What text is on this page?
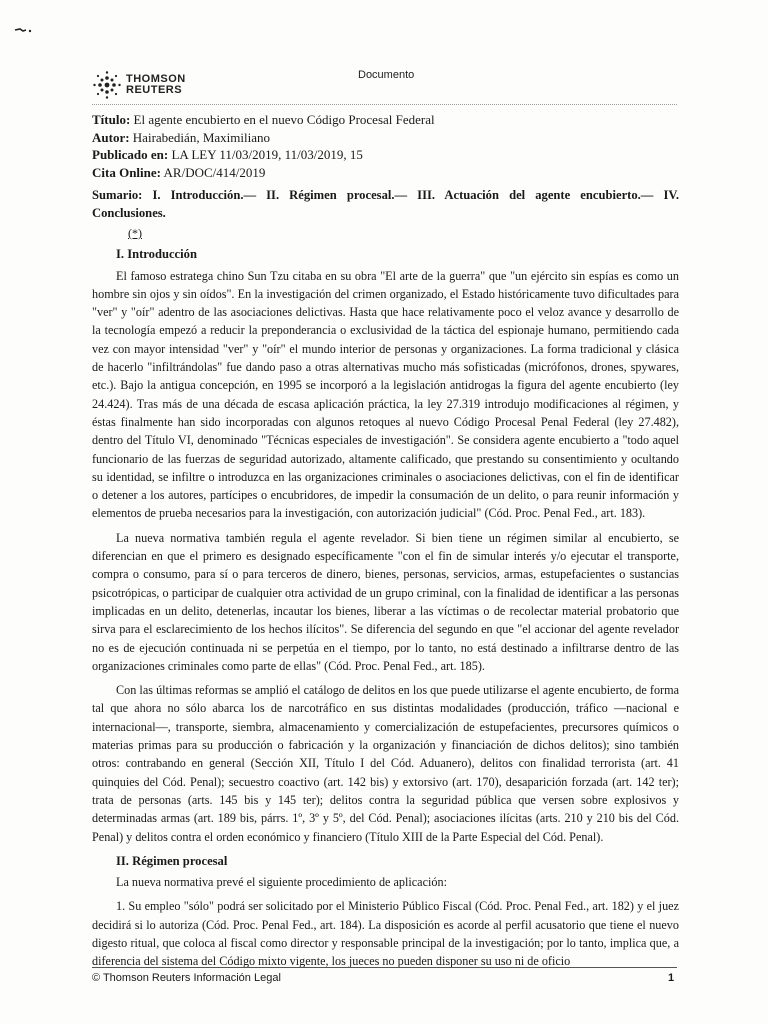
Documento
THOMSON
REUTERS
Título: El agente encubierto en el nuevo Código Procesal Federal
Autor: Hairabedián, Maximiliano
Publicado en: LA LEY 11/03/2019, 11/03/2019, 15
Cita Online: AR/DOC/414/2019
Sumario: I. Introducción.— II. Régimen procesal.— III. Actuación del agente encubierto.— IV. Conclusiones.
(*)
I. Introducción

El famoso estratega chino Sun Tzu citaba en su obra "El arte de la guerra" que "un ejército sin espías es como un hombre sin ojos y sin oídos". En la investigación del crimen organizado, el Estado históricamente tuvo dificultades para "ver" y "oír" adentro de las asociaciones delictivas. Hasta que hace relativamente poco el veloz avance y desarrollo de la tecnología empezó a reducir la preponderancia o exclusividad de la táctica del espionaje humano, permitiendo cada vez con mayor intensidad "ver" y "oír" el mundo interior de personas y organizaciones. La forma tradicional y clásica de hacerlo "infiltrándolas" fue dando paso a otras alternativas mucho más sofisticadas (micrófonos, drones, spywares, etc.). Bajo la antigua concepción, en 1995 se incorporó a la legislación antidrogas la figura del agente encubierto (ley 24.424). Tras más de una década de escasa aplicación práctica, la ley 27.319 introdujo modificaciones al régimen, y éstas finalmente han sido incorporadas con algunos retoques al nuevo Código Procesal Penal Federal (ley 27.482), dentro del Título VI, denominado "Técnicas especiales de investigación". Se considera agente encubierto a "todo aquel funcionario de las fuerzas de seguridad autorizado, altamente calificado, que prestando su consentimiento y ocultando su identidad, se infiltre o introduzca en las organizaciones criminales o asociaciones delictivas, con el fin de identificar o detener a los autores, partícipes o encubridores, de impedir la consumación de un delito, o para reunir información y elementos de prueba necesarios para la investigación, con autorización judicial" (Cód. Proc. Penal Fed., art. 183).

La nueva normativa también regula el agente revelador. Si bien tiene un régimen similar al encubierto, se diferencian en que el primero es designado específicamente "con el fin de simular interés y/o ejecutar el transporte, compra o consumo, para sí o para terceros de dinero, bienes, personas, servicios, armas, estupefacientes o sustancias psicotrópicas, o participar de cualquier otra actividad de un grupo criminal, con la finalidad de identificar a las personas implicadas en un delito, detenerlas, incautar los bienes, liberar a las víctimas o de recolectar material probatorio que sirva para el esclarecimiento de los hechos ilícitos". Se diferencia del segundo en que "el accionar del agente revelador no es de ejecución continuada ni se perpetúa en el tiempo, por lo tanto, no está destinado a infiltrarse dentro de las organizaciones criminales como parte de ellas" (Cód. Proc. Penal Fed., art. 185).

Con las últimas reformas se amplió el catálogo de delitos en los que puede utilizarse el agente encubierto, de forma tal que ahora no sólo abarca los de narcotráfico en sus distintas modalidades (producción, tráfico —nacional e internacional—, transporte, siembra, almacenamiento y comercialización de estupefacientes, precursores químicos o materias primas para su producción o fabricación y la organización y financiación de dichos delitos); sino también otros: contrabando en general (Sección XII, Título I del Cód. Aduanero), delitos con finalidad terrorista (art. 41 quinquies del Cód. Penal); secuestro coactivo (art. 142 bis) y extorsivo (art. 170), desaparición forzada (art. 142 ter); trata de personas (arts. 145 bis y 145 ter); delitos contra la seguridad pública que versen sobre explosivos y determinadas armas (art. 189 bis, párrs. 1º, 3º y 5º, del Cód. Penal); asociaciones ilícitas (arts. 210 y 210 bis del Cód. Penal) y delitos contra el orden económico y financiero (Título XIII de la Parte Especial del Cód. Penal).

II. Régimen procesal

La nueva normativa prevé el siguiente procedimiento de aplicación:

1. Su empleo "sólo" podrá ser solicitado por el Ministerio Público Fiscal (Cód. Proc. Penal Fed., art. 182) y el juez decidirá si lo autoriza (Cód. Proc. Penal Fed., art. 184). La disposición es acorde al perfil acusatorio que tiene el nuevo digesto ritual, que coloca al fiscal como director y responsable principal de la investigación; por lo tanto, implica que, a diferencia del sistema del Código mixto vigente, los jueces no pueden disponer su uso ni de oficio

© Thomson Reuters Información Legal	1
